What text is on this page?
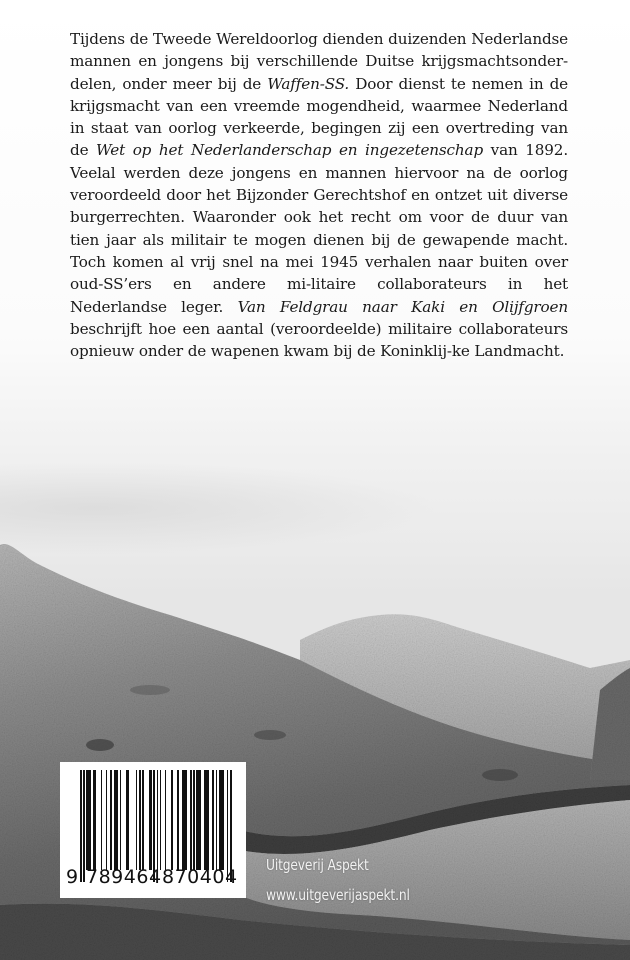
Tijdens de Tweede Wereldoorlog dienden duizenden Nederlandse mannen en jongens bij verschillende Duitse krijgsmachtsonder-delen, onder meer bij de Waffen-SS. Door dienst te nemen in de krijgsmacht van een vreemde mogendheid, waarmee Nederland in staat van oorlog verkeerde, begingen zij een overtreding van de Wet op het Nederlanderschap en ingezetenschap van 1892. Veelal werden deze jongens en mannen hiervoor na de oorlog veroordeeld door het Bijzonder Gerechtshof en ontzet uit diverse burgerrechten. Waaronder ook het recht om voor de duur van tien jaar als militair te mogen dienen bij de gewapende macht. Toch komen al vrij snel na mei 1945 verhalen naar buiten over oud-SS’ers en andere mi-litaire collaborateurs in het Nederlandse leger. Van Feldgrau naar Kaki en Olijfgroen beschrijft hoe een aantal (veroordeelde) militaire collaborateurs opnieuw onder de wapenen kwam bij de Koninklij-ke Landmacht.

9

789464

870404

Uitgeverij Aspekt
www.uitgeverijaspekt.nl
